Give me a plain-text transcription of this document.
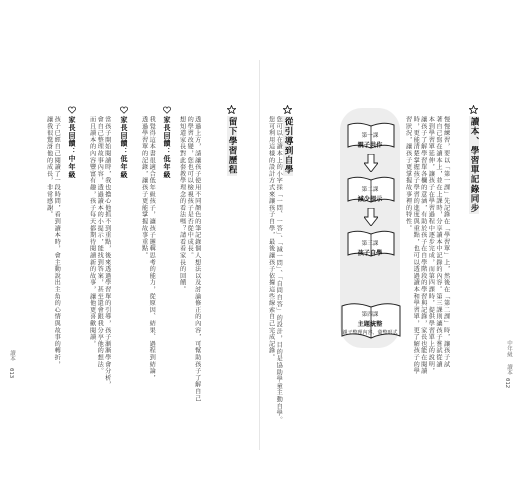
讀本、學習單記錄同步
慢慢練習，要以「第一課」先記錄在「學習單」上，然後在「第二課」時，讓孩子試
著自己寫在讀本上，並在上課時，分享讀本中記錄的內容。第三課則讓孩子嘗試從讀
本到學習單延伸，讓孩子在學習過程中逐步完成，而第四課時，提供學習單上的說明，
讓孩子了解學習單各欄的意涵，有助於孩子在自學階段的學習與記錄，家長也能在閱讀
時，更能清楚掌握孩子學習的進度與重點，也可以透過讀本和學習單，更了解孩子的學
習狀況，讓孩子更掌握故事裡的特性。
從引導到自學
您可以在讀本上的小字採「一問、一答」、「減一問」、「自問自答」的設計，目的是協助學童主動自學。
您可利用這樣的設計方式來讓孩子自學，最後讓孩子依據這些線索自己完成記錄。	第一課
親子共作
第二課
減少提示
第三課
孩子自學
第四課
主題統整
親子整理內容、彙整形式
中年級
讀本
012
留下學習歷程
透過上方，請讓孩子使用不同顏色的筆記錄個人想法以及討論修正的內容，可幫助孩子了解自己
的學習改變，您也可以檢視孩子是否從中成長。
想知道家長對此套教學理念的看法嗎？請看看家長的回饋。
家長回饋：低年級
我覺得這本書很適合低年級孩子，讓孩子邏輯思考的能力，從原因、結果、過程到結論，
透過學習單的記錄，讓孩子更能掌握故事重點。
家長回饋：低年級
當孩子開始閱讀時，我也擔心他抓不到重點，後來透過學習單的引導，孩子漸漸學會分析，
會自己整理故事內容，透過讀本的小提示，能找到答案，甚至還會跟我分享他的想法。
而且讀本的內容豐富有趣，孩子每天都期待閱讀新的故事，讓他更喜歡閱讀。
家長回饋：中年級
孩子已經自己閱讀了一段時間，看到讀本時，會主動說出主角的心情與故事的轉折，
讓我很驚訝他的成長，非常感謝。
讀本
013
